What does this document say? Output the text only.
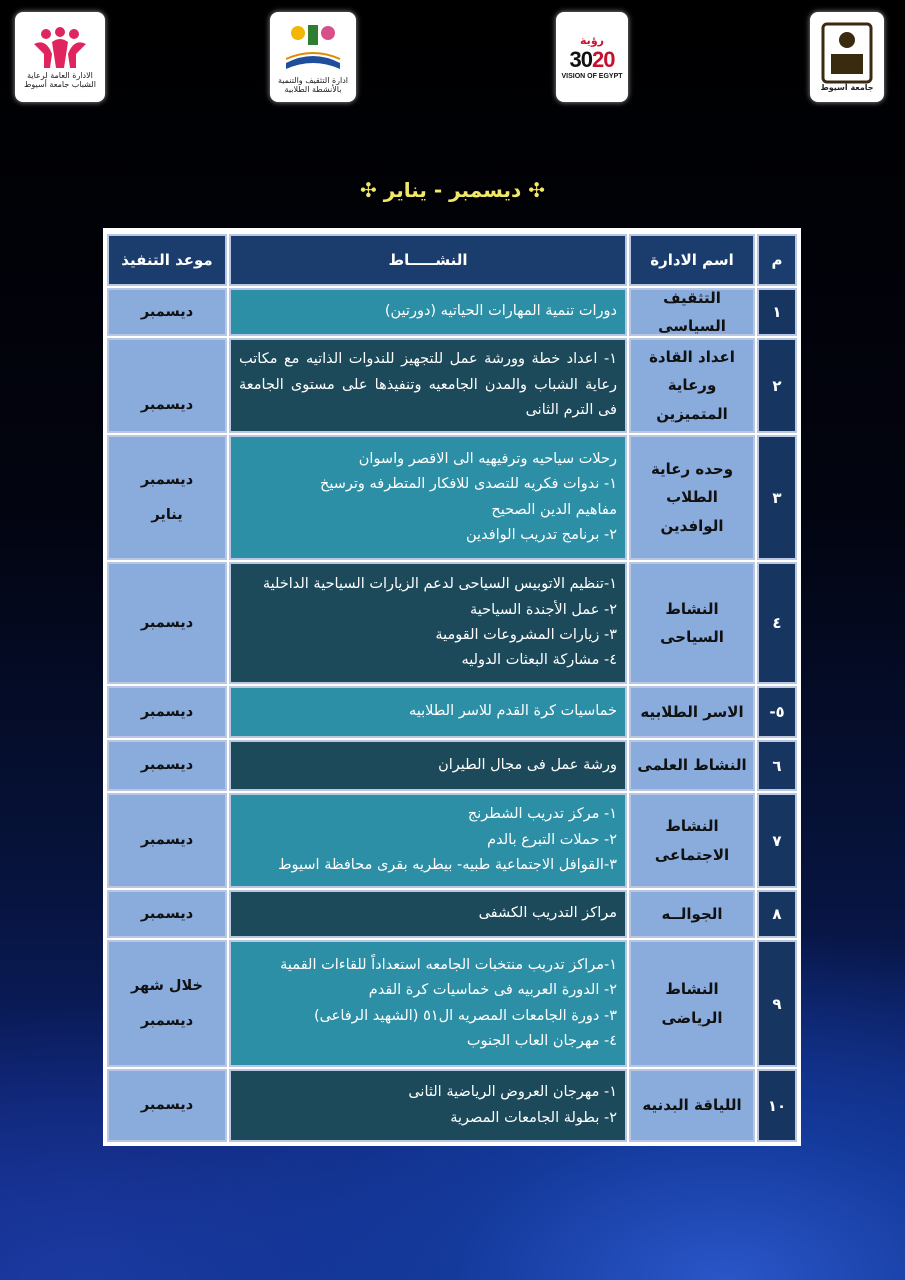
الادارة العامة لرعاية الشباب جامعة أسيوط	ادارة التثقيف والتنمية بالأنشطة الطلابية
رؤية
2030
VISION OF EGYPT
جامعة أسيوط
✣ ديسمبر - يناير ✣
م
اسم الادارة
النشـــــاط
موعد التنفيذ
١
التثقيف السياسى
دورات تنمية المهارات الحياتيه (دورتين)
ديسمبر
٢
اعداد القادة
ورعاية المتميزين
١- اعداد خطة وورشة عمل للتجهيز للندوات الذاتيه مع مكاتب رعاية الشباب والمدن الجامعيه وتنفيذها على مستوى الجامعة فى الترم الثانى
ديسمبر
٣
وحده رعاية
الطلاب الوافدين
رحلات سياحيه وترفيهيه الى الاقصر واسوان
١- ندوات فكريه للتصدى للافكار المتطرفه وترسيخ
مفاهيم الدين الصحيح
٢- برنامج تدريب الوافدين
ديسمبر
يناير
٤
النشاط السياحى
١-تنظيم الاتوبيس السياحى لدعم الزيارات السياحية الداخلية
٢- عمل الأجندة السياحية
٣- زيارات المشروعات القومية
٤- مشاركة البعثات الدوليه
ديسمبر
٥-
الاسر الطلابيه
خماسيات كرة القدم للاسر الطلابيه
ديسمبر
٦
النشاط العلمى
ورشة عمل فى مجال الطيران
ديسمبر
٧
النشاط
الاجتماعى
١- مركز تدريب الشطرنج
٢- حملات التبرع بالدم
٣-القوافل الاجتماعية طبيه- بيطريه بقرى محافظة اسيوط
ديسمبر
٨
الجوالــه
مراكز التدريب الكشفى
ديسمبر
٩
النشاط الرياضى
١-مراكز تدريب منتخبات الجامعه استعداداً للقاءات القمية
٢- الدورة العربيه فى خماسيات كرة القدم
٣- دورة الجامعات المصريه ال٥١ (الشهيد الرفاعى)
٤- مهرجان العاب الجنوب
خلال شهر
ديسمبر
١٠
اللياقة البدنيه
١- مهرجان العروض الرياضية الثانى
٢- بطولة الجامعات المصرية
ديسمبر
